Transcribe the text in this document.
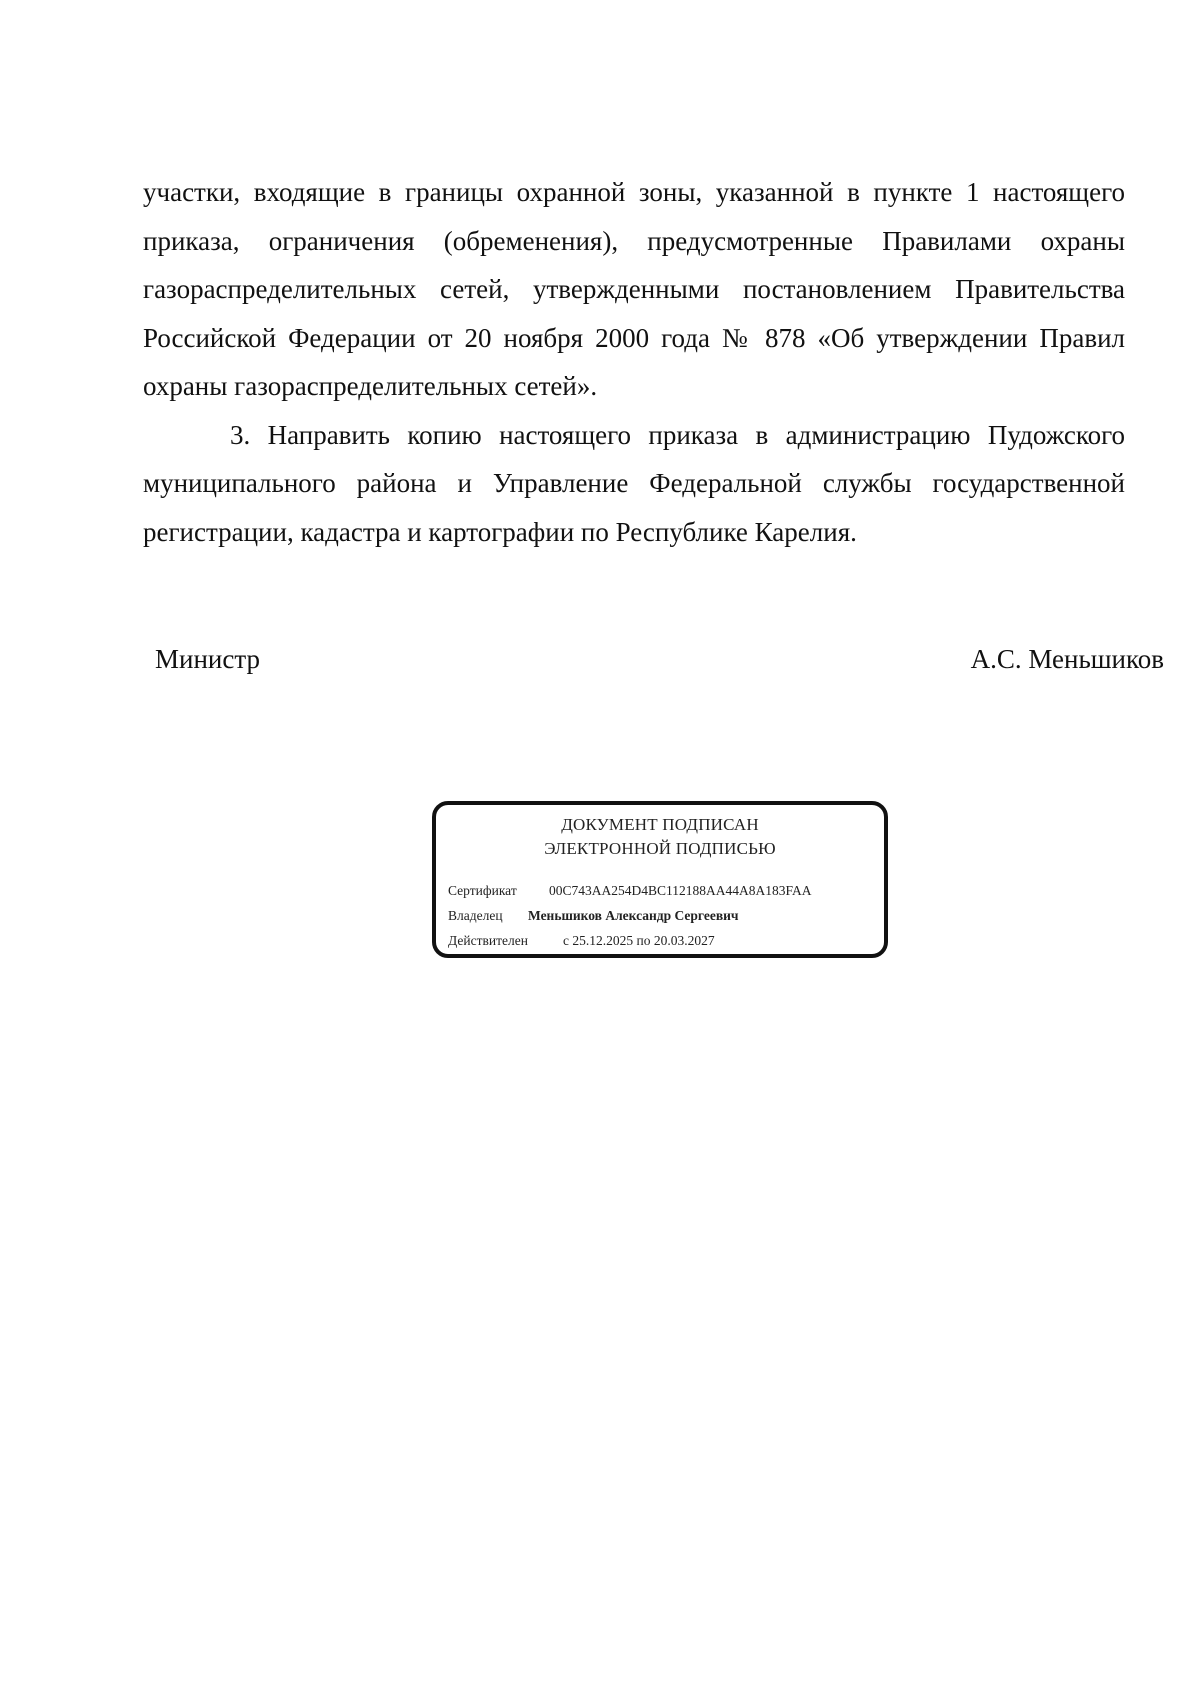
участки, входящие в границы охранной зоны, указанной в пункте 1 настоящего
приказа, ограничения (обременения), предусмотренные Правилами охраны
газораспределительных сетей, утвержденными постановлением Правительства
Российской Федерации от 20 ноября 2000 года № 878 «Об утверждении Правил
охраны газораспределительных сетей».
3. Направить копию настоящего приказа в администрацию Пудожского
муниципального района и Управление Федеральной службы государственной
регистрации, кадастра и картографии по Республике Карелия.
Министр	А.С. Меньшиков
ДОКУМЕНТ ПОДПИСАН
ЭЛЕКТРОННОЙ ПОДПИСЬЮ
Сертификат 00C743AA254D4BC112188AA44A8A183FAA
Владелец Меньшиков Александр Сергеевич
Действителен	с 25.12.2025 по 20.03.2027
